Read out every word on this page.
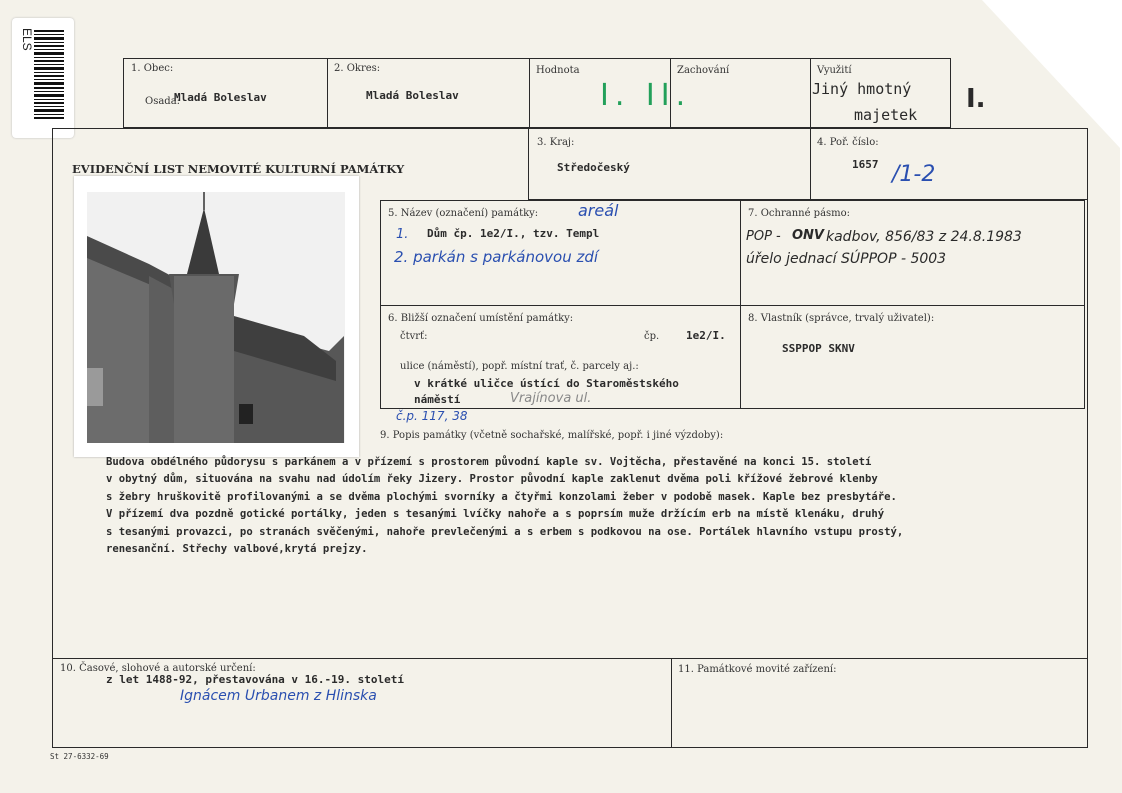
ELS
1. Obec:
Osada:
Mladá Boleslav
2. Okres:
Mladá Boleslav
Hodnota
I. II.
Zachování	Využití
Jiný hmotný
majetek
I.
EVIDENČNÍ LIST NEMOVITÉ KULTURNÍ PAMÁTKY
3. Kraj:
Středočeský
4. Poř. číslo:
1657 /1-2
5. Název (označení) památky: areál
1. Dům čp. 1e2/I., tzv. Templ
2. parkán s parkánovou zdí
7. Ochranné pásmo:
POP - ONV kadbov, 856/83 z 24.8.1983
úřelo jednací SÚPPOP - 5003
6. Bližší označení umístění památky:
čtvrť:	čp. 1e2/I.
ulice (náměstí), popř. místní trať, č. parcely aj.:
v krátké uličce ústící do Staroměstského
náměstí	Vrajínova ul.
č.p. 117, 38
8. Vlastník (správce, trvalý uživatel):
SSPPOP SKNV
9. Popis památky (včetně sochařské, malířské, popř. i jiné výzdoby):
Budova obdélného půdorysu s parkánem a v přízemí s prostorem původní kaple sv. Vojtěcha, přestavěné na konci 15. století
v obytný dům, situována na svahu nad údolím řeky Jizery. Prostor původní kaple zaklenut dvěma poli křížové žebrové klenby
s žebry hruškovitě profilovanými a se dvěma plochými svorníky a čtyřmi konzolami žeber v podobě masek. Kaple bez presbytáře.
V přízemí dva pozdně gotické portálky, jeden s tesanými lvíčky nahoře a s poprsím muže držícím erb na místě klenáku, druhý
s tesanými provazci, po stranách svěčenými, nahoře prevlečenými a s erbem s podkovou na ose. Portálek hlavního vstupu prostý,
renesanční. Střechy valbové,krytá prejzy.
10. Časové, slohové a autorské určení:
z let 1488-92, přestavována v 16.-19. století
Ignácem Urbanem z Hlinska
11. Památkové movité zařízení:
St 27-6332-69
